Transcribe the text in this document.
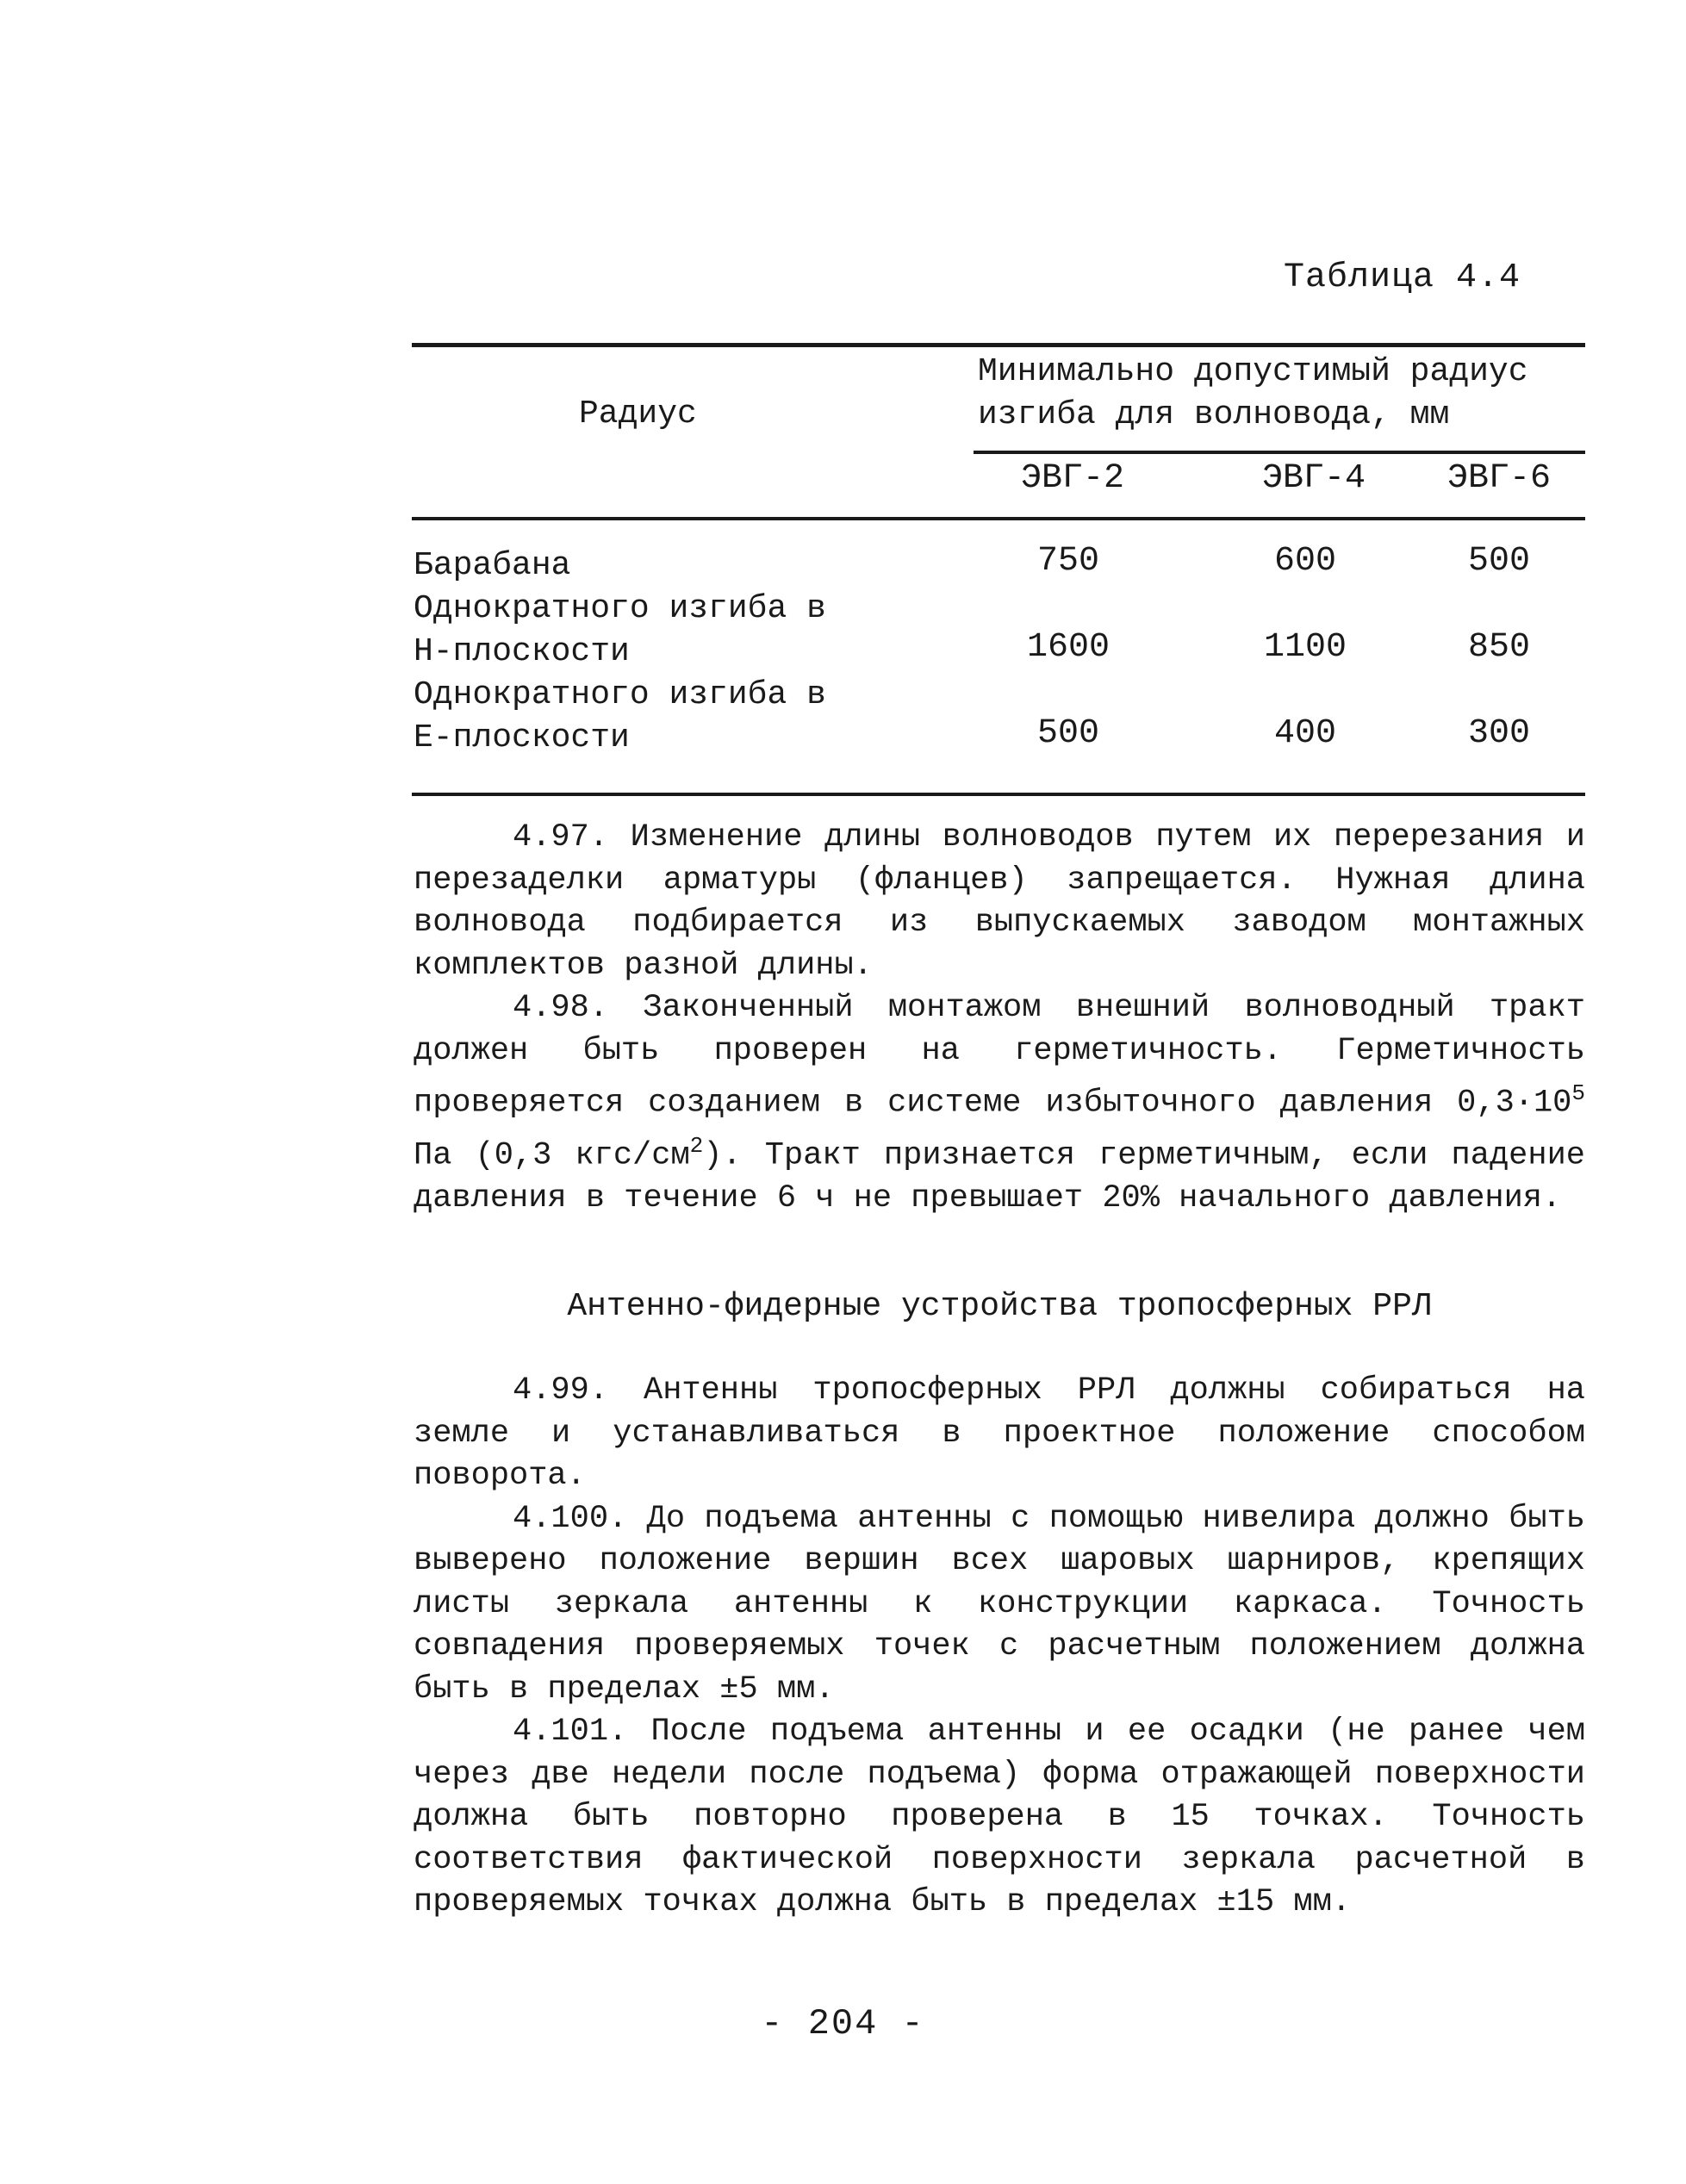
Таблица 4.4
Радиус
Минимально допустимый радиус
изгиба для волновода, мм
ЭВГ-2	ЭВГ-4	ЭВГ-6
Барабана	750	600	500
Однократного изгиба в
Н-плоскости	1600	1100	850
Однократного изгиба в
Е-плоскости	500	400	300

4.97. Изменение длины волноводов путем их перерезания и перезаделки арматуры (фланцев) запрещается. Нужная длина волновода подбирается из выпускаемых заводом монтажных комплектов разной длины.

4.98. Законченный монтажом внешний волноводный тракт должен быть проверен на герметичность. Герметичность проверяется созданием в системе избыточного давления $0,3\cdot 10^5$ Па (0,3 кгс/$см^2$). Тракт признается герметичным, если падение давления в течение 6 ч не превышает 20% начального давления.

Антенно-фидерные устройства тропосферных РРЛ

4.99. Антенны тропосферных РРЛ должны собираться на земле и устанавливаться в проектное положение способом поворота.

4.100. До подъема антенны с помощью нивелира должно быть выверено положение вершин всех шаровых шарниров, крепящих листы зеркала антенны к конструкции каркаса. Точность совпадения проверяемых точек с расчетным положением должна быть в пределах ±5 мм.

4.101. После подъема антенны и ее осадки (не ранее чем через две недели после подъема) форма отражающей поверхности должна быть повторно проверена в 15 точках. Точность соответствия фактической поверхности зеркала расчетной в проверяемых точках должна быть в пределах ±15 мм.

- 204 -
